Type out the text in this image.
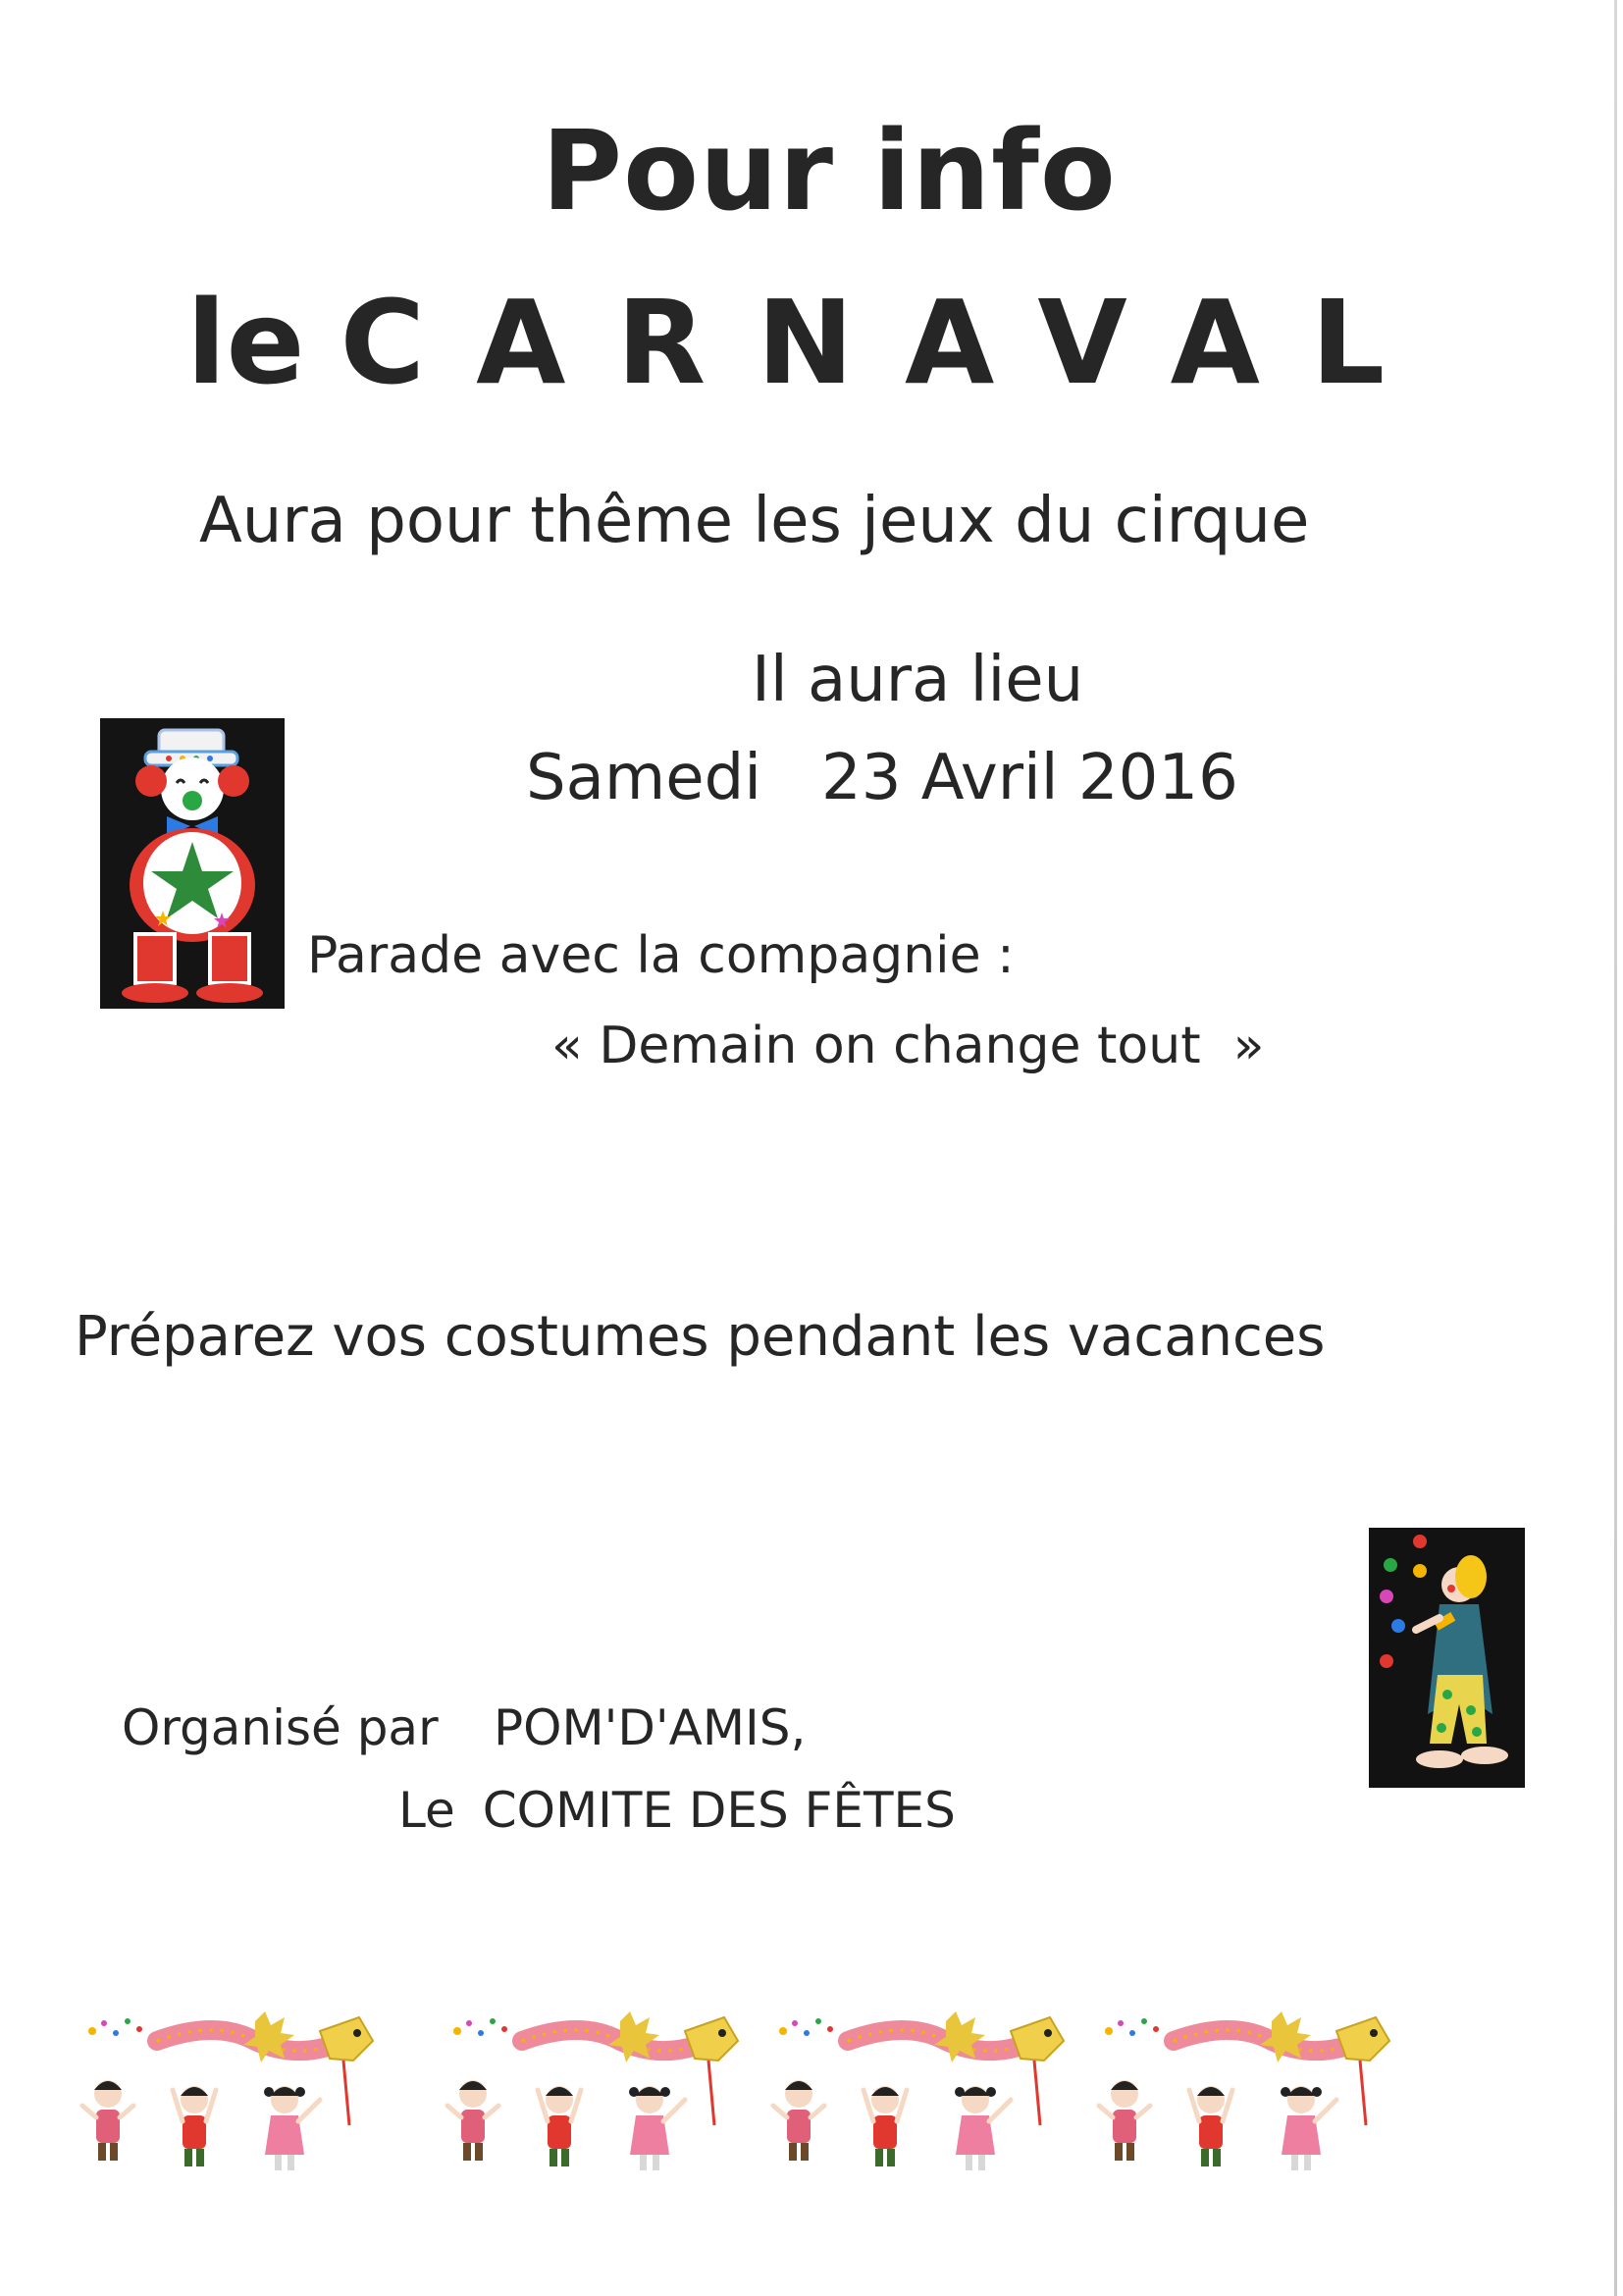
Pour info
le CARNAVAL

Aura pour thême les jeux du cirque

Il aura lieu

Samedi   23 Avril 2016

Parade avec la compagnie :

« Demain on change tout  »

Préparez vos costumes pendant les vacances

Organisé par POM'D'AMIS,

Le COMITE DES FÊTES
